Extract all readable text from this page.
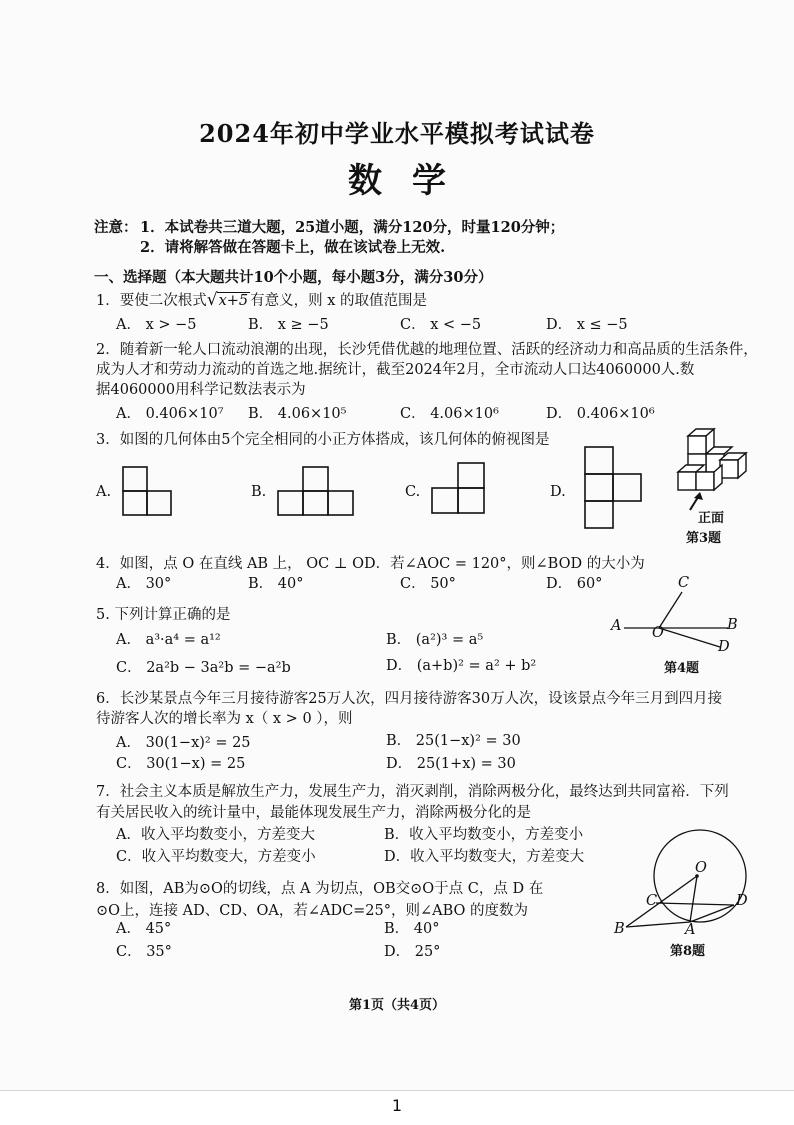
2024年初中学业水平模拟考试试卷
数学
注意： 1．本试卷共三道大题，25道小题，满分120分，时量120分钟；
2．请将解答做在答题卡上，做在该试卷上无效.
一、选择题（本大题共计10个小题，每小题3分，满分30分）
1．要使二次根式√x+5 有意义，则 x 的取值范围是
A． x > −5	B． x ≥ −5	C． x < −5	D． x ≤ −5
2．随着新一轮人口流动浪潮的出现，长沙凭借优越的地理位置、活跃的经济动力和高品质的生活条件，
成为人才和劳动力流动的首选之地.据统计，截至2024年2月，全市流动人口达4060000人.数
据4060000用科学记数法表示为
A． 0.406×10⁷ B． 4.06×10⁵	C． 4.06×10⁶	D． 0.406×10⁶
3．如图的几何体由5个完全相同的小正方体搭成，该几何体的俯视图是
A.	B.	C.	D.
正面
第3题
4．如图，点 O 在直线 AB 上， OC ⊥ OD．若∠AOC = 120°，则∠BOD 的大小为
A． 30°	B． 40°	C． 50°	D． 60°
A O	B
C
D
第4题
5. 下列计算正确的是
A． a³·a⁴ = a¹²	B． (a²)³ = a⁵
C． 2a²b − 3a²b = −a²b	D． (a+b)² = a² + b²
6．长沙某景点今年三月接待游客25万人次，四月接待游客30万人次，设该景点今年三月到四月接
待游客人次的增长率为 x（ x > 0 ），则
A． 30(1−x)² = 25	B． 25(1−x)² = 30
C． 30(1−x) = 25	D． 25(1+x) = 30
7．社会主义本质是解放生产力，发展生产力，消灭剥削，消除两极分化，最终达到共同富裕．下列
有关居民收入的统计量中，最能体现发展生产力，消除两极分化的是
A．收入平均数变小，方差变大	B．收入平均数变小，方差变小
C．收入平均数变大，方差变小	D．收入平均数变大，方差变大
8．如图，AB为⊙O的切线，点 A 为切点，OB交⊙O于点 C，点 D 在
⊙O上，连接 AD、CD、OA，若∠ADC=25°，则∠ABO 的度数为
A． 45°	B． 40°
C． 35°	D． 25°
O
C
A
D
B
第8题
第1页（共4页）
1
